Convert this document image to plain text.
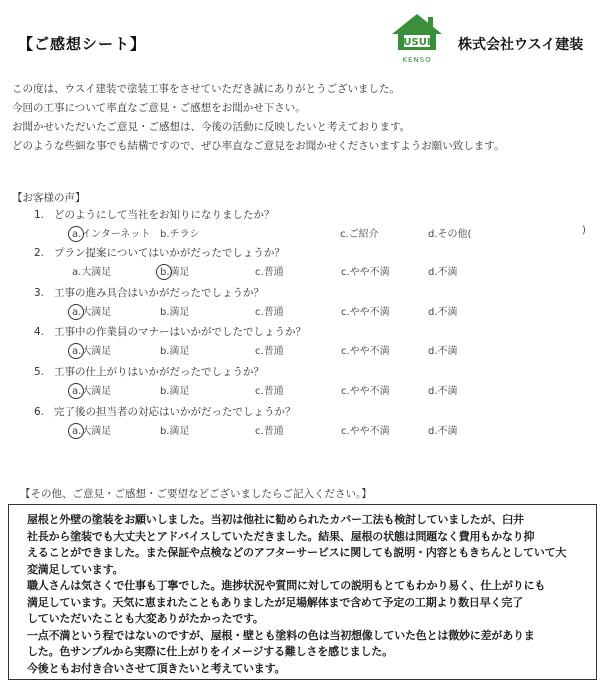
【ご感想シート】	USUI
KENSO
株式会社ウスイ建装

この度は、ウスイ建装で塗装工事をさせていただき誠にありがとうございました。

今回の工事について率直なご意見・ご感想をお聞かせ下さい。

お聞かせいただいたご意見・ご感想は、今後の活動に反映したいと考えております。

どのような些細な事でも結構ですので、ぜひ率直なご意見をお聞かせくださいますようお願い致します。

【お客様の声】
1. どのようにして当社をお知りになりましたか？
a.インターネット b.チラシ	c.ご紹介	d.その他(	)
2. プラン提案についてはいかがだったでしょうか？
a.大満足	b.満足	c.普通	c.やや不満	d.不満
3. 工事の進み具合はいかがだったでしょうか？
a.大満足	b.満足	c.普通	c.やや不満	d.不満
4. 工事中の作業員のマナーはいかがでしたでしょうか？
a.大満足	b.満足	c.普通	c.やや不満	d.不満
5. 工事の仕上がりはいかがだったでしょうか？
a.大満足	b.満足	c.普通	c.やや不満	d.不満
6. 完了後の担当者の対応はいかがだったでしょうか？
a.大満足	b.満足	c.普通	c.やや不満	d.不満
【その他、ご意見・ご感想・ご要望などございましたらご記入ください。】

屋根と外壁の塗装をお願いしました。当初は他社に勧められたカバー工法も検討していましたが、臼井

社長から塗装でも大丈夫とアドバイスしていただきました。結果、屋根の状態は問題なく費用もかなり抑

えることができました。また保証や点検などのアフターサービスに関しても説明・内容ともきちんとしていて大

変満足しています。

職人さんは気さくで仕事も丁寧でした。進捗状況や質問に対しての説明もとてもわかり易く、仕上がりにも

満足しています。天気に恵まれたこともありましたが足場解体まで含めて予定の工期より数日早く完了

していただいたことも大変ありがたかったです。

一点不満という程ではないのですが、屋根・壁とも塗料の色は当初想像していた色とは微妙に差がありま

した。色サンプルから実際に仕上がりをイメージする難しさを感じました。

今後ともお付き合いさせて頂きたいと考えています。
